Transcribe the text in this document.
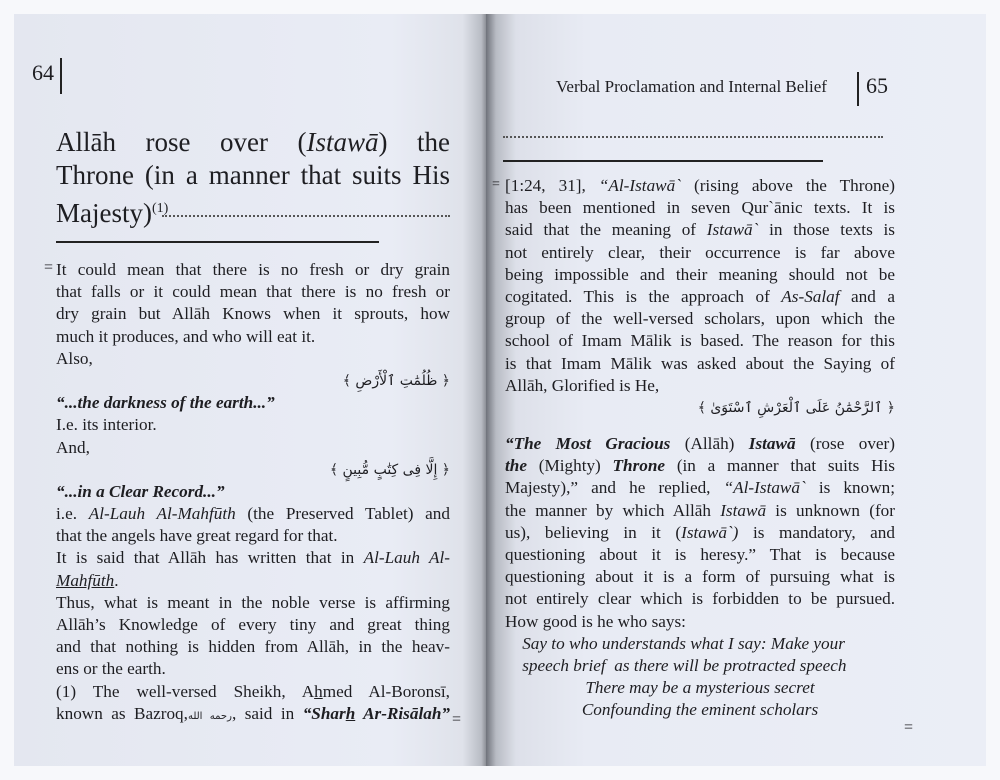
64
Allāh rose over (Istawā) the
Throne (in a manner that suits His
Majesty)$^{(1)}$
= It could mean that there is no fresh or dry grain
that falls or it could mean that there is no fresh or
dry grain but Allāh Knows when it sprouts, how
much it produces, and who will eat it.
Also,
﴿ ظُلُمَٰتِ ٱلْأَرْضِ ﴾
“...the darkness of the earth...”
I.e. its interior.
And,
﴿ إِلَّا فِى كِتَٰبٍ مُّبِينٍ ﴾
“...in a Clear Record...”
i.e. Al-Lauh Al-Mahfūth (the Preserved Tablet) and
that the angels have great regard for that.
It is said that Allāh has written that in Al-Lauh Al-
Mahfūth.
Thus, what is meant in the noble verse is affirming
Allāh’s Knowledge of every tiny and great thing
and that nothing is hidden from Allāh, in the heav-
ens or the earth.
(1) The well-versed Sheikh, Ahmed Al-Boronsī,
known as Bazroq,رحمه الله, said in “Sharh Ar-Risālah” =
Verbal Proclamation and Internal Belief 65
= [1:24, 31], “Al-Istawā` (rising above the Throne)
has been mentioned in seven Qur`ānic texts. It is
said that the meaning of Istawā` in those texts is
not entirely clear, their occurrence is far above
being impossible and their meaning should not be
cogitated. This is the approach of As-Salaf and a
group of the well-versed scholars, upon which the
school of Imam Mālik is based. The reason for this
is that Imam Mālik was asked about the Saying of
Allāh, Glorified is He,
﴿ ٱلرَّحْمَٰنُ عَلَى ٱلْعَرْشِ ٱسْتَوَىٰ ﴾
“The Most Gracious (Allāh) Istawā (rose over)
the (Mighty) Throne (in a manner that suits His
Majesty),” and he replied, “Al-Istawā` is known;
the manner by which Allāh Istawā is unknown (for
us), believing in it (Istawā`) is mandatory, and
questioning about it is heresy.” That is because
questioning about it is a form of pursuing what is
not entirely clear which is forbidden to be pursued.
How good is he who says:
Say to who understands what I say: Make your
speech brief  as there will be protracted speech
There may be a mysterious secret
Confounding the eminent scholars
=
